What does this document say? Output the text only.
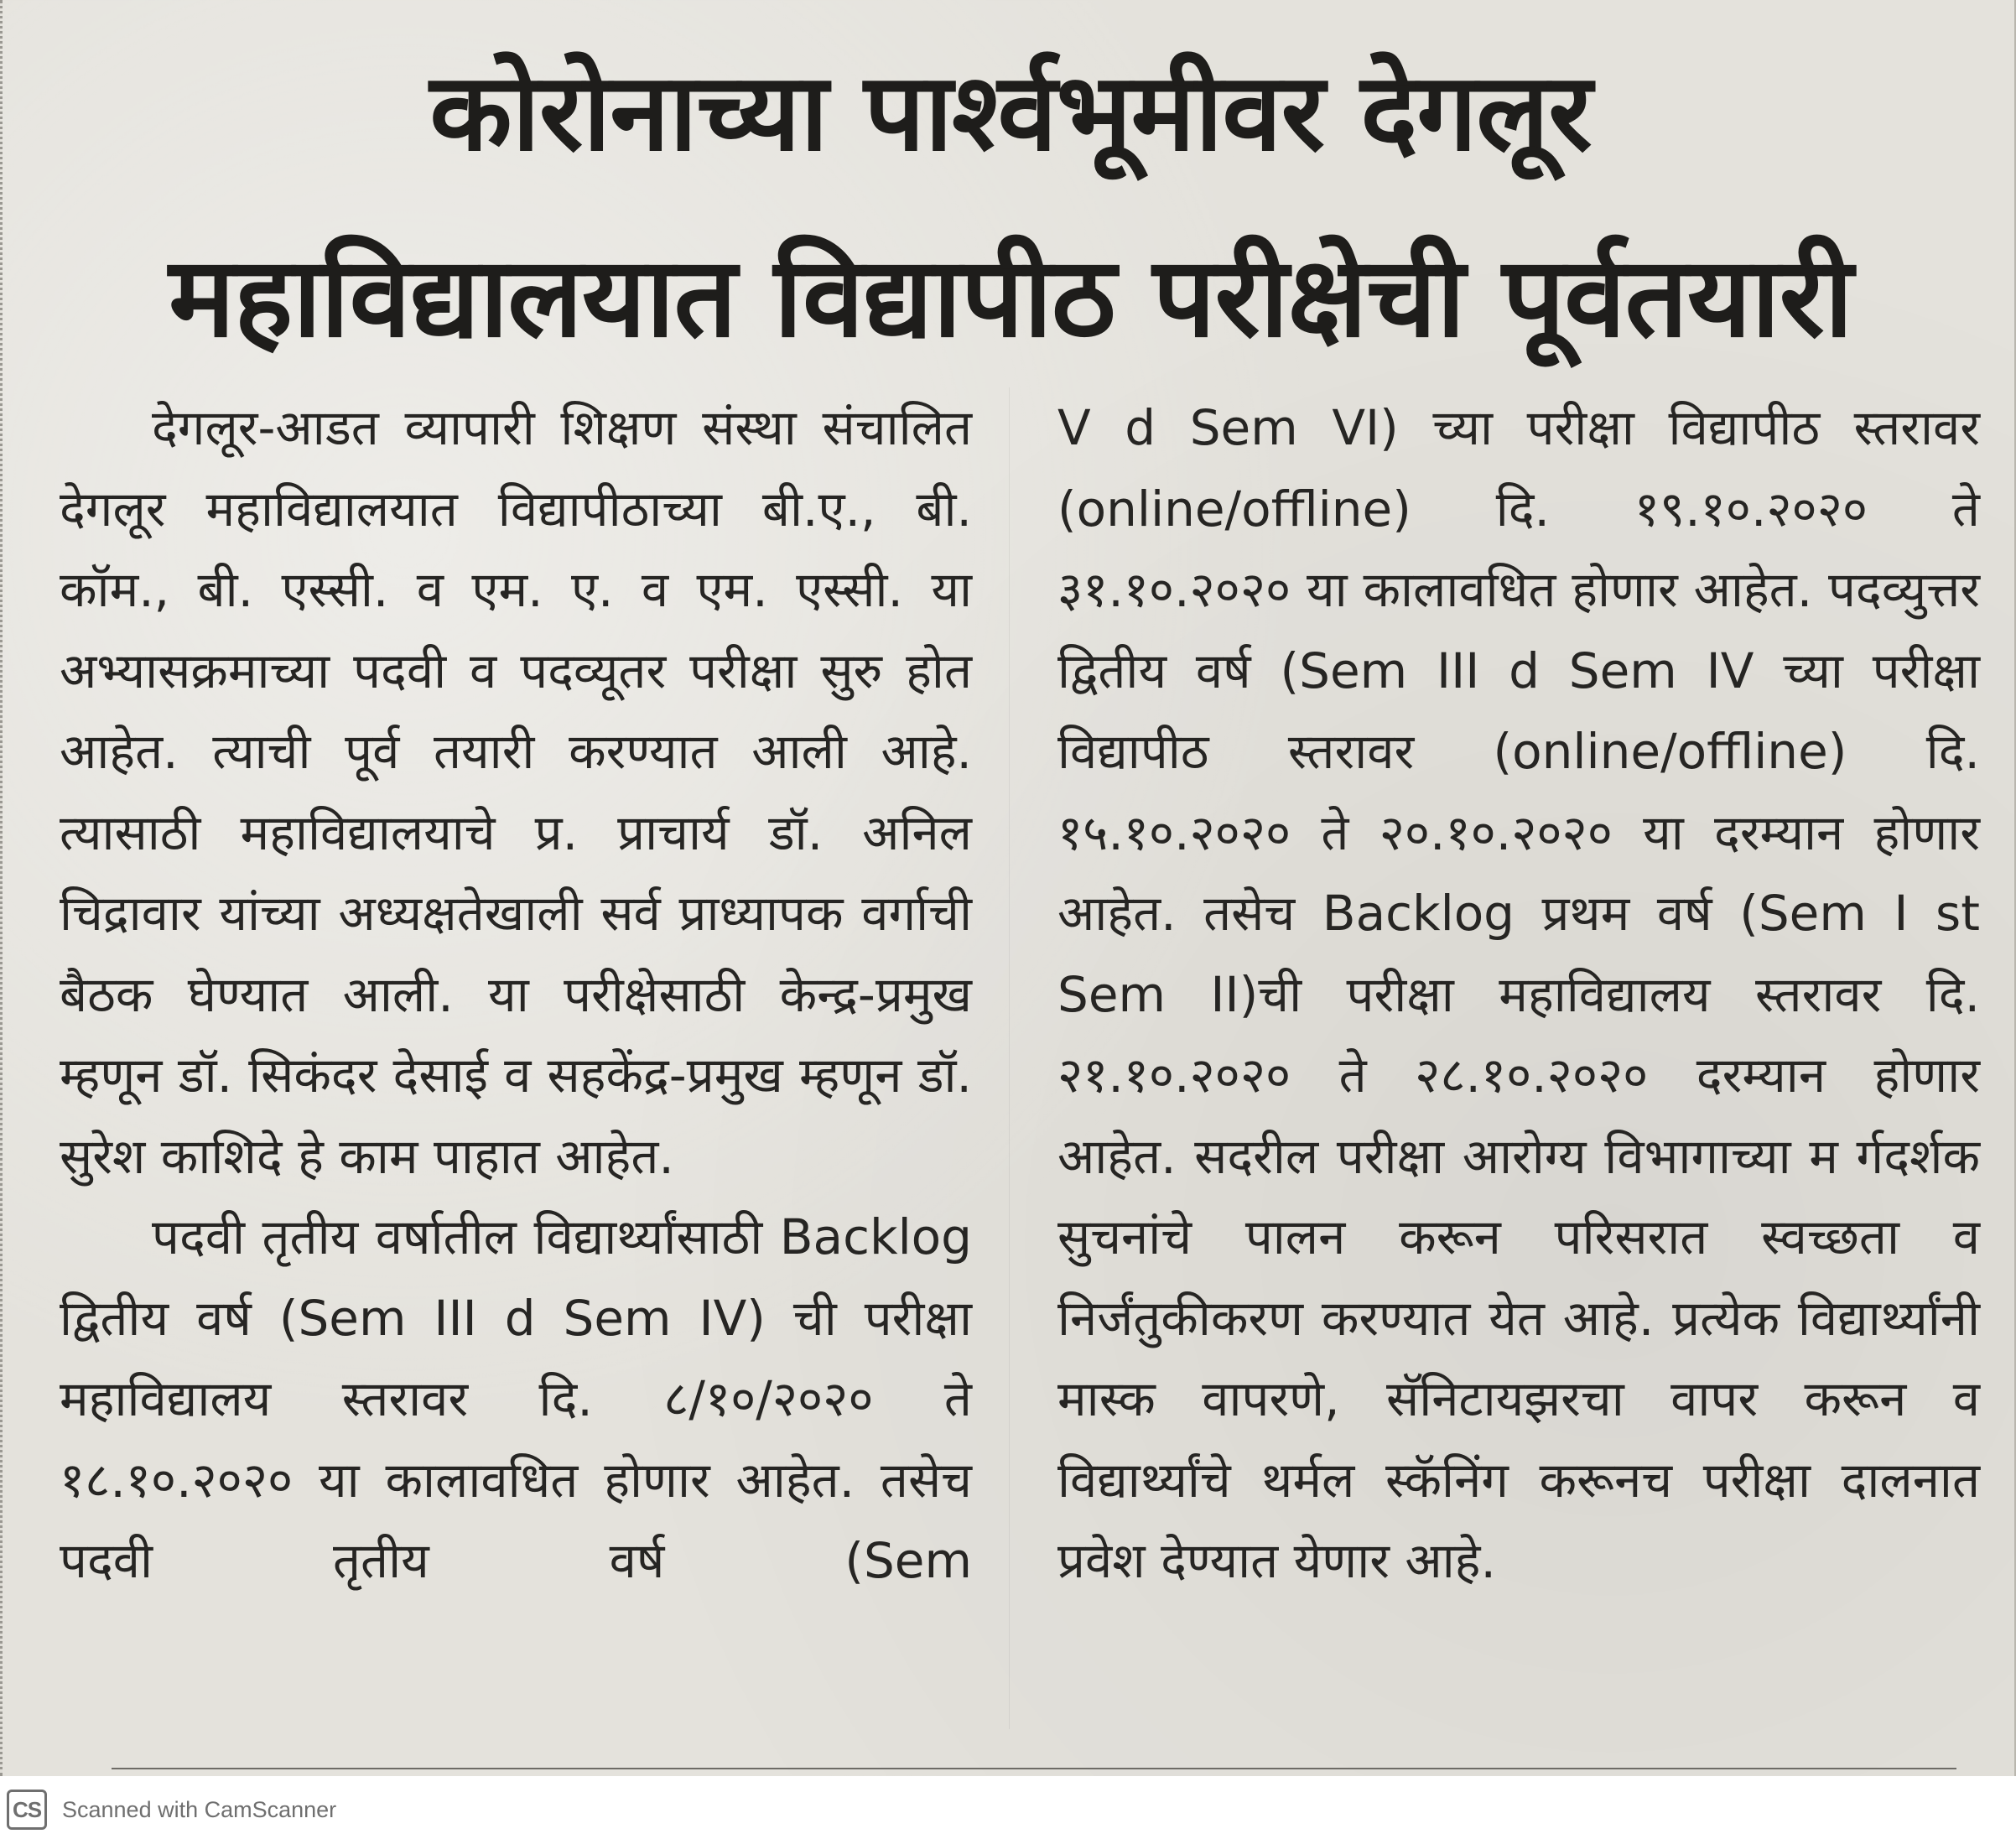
कोरोनाच्या पार्श्वभूमीवर देगलूर
महाविद्यालयात विद्यापीठ परीक्षेची पूर्वतयारी

देगलूर-आडत व्यापारी शिक्षण संस्था संचालित देगलूर महाविद्यालयात विद्यापीठाच्या बी.ए., बी. कॉम., बी. एस्सी. व एम. ए. व एम. एस्सी. या अभ्यासक्रमाच्या पदवी व पदव्यूतर परीक्षा सुरु होत आहेत. त्याची पूर्व तयारी करण्यात आली आहे. त्यासाठी महाविद्यालयाचे प्र. प्राचार्य डॉ. अनिल चिद्रावार यांच्या अध्यक्षतेखाली सर्व प्राध्यापक वर्गाची बैठक घेण्यात आली. या परीक्षेसाठी केन्द्र-प्रमुख म्हणून डॉ. सिकंदर देसाई व सहकेंद्र-प्रमुख म्हणून डॉ. सुरेश काशिदे हे काम पाहात आहेत.

पदवी तृतीय वर्षातील विद्यार्थ्यांसाठी Backlog द्वितीय वर्ष (Sem III d Sem IV) ची परीक्षा महाविद्यालय स्तरावर दि. ८/१०/२०२० ते १८.१०.२०२० या कालावधित होणार आहेत. तसेच पदवी तृतीय वर्ष (Sem

V d Sem VI) च्या परीक्षा विद्यापीठ स्तरावर (online/offline) दि. १९.१०.२०२० ते ३१.१०.२०२० या कालावधित होणार आहेत. पदव्युत्तर द्वितीय वर्ष (Sem III d Sem IV च्या परीक्षा विद्यापीठ स्तरावर (online/offline) दि. १५.१०.२०२० ते २०.१०.२०२० या दरम्यान होणार आहेत. तसेच Backlog प्रथम वर्ष (Sem I st Sem II)ची परीक्षा महाविद्यालय स्तरावर दि. २१.१०.२०२० ते २८.१०.२०२० दरम्यान होणार आहेत. सदरील परीक्षा आरोग्य विभागाच्या म र्गदर्शक सुचनांचे पालन करून परिसरात स्वच्छता व निर्जंतुकीकरण करण्यात येत आहे. प्रत्येक विद्यार्थ्यांनी मास्क वापरणे, सॅनिटायझरचा वापर करून व विद्यार्थ्यांचे थर्मल स्कॅनिंग करूनच परीक्षा दालनात प्रवेश देण्यात येणार आहे.

CS Scanned with CamScanner
